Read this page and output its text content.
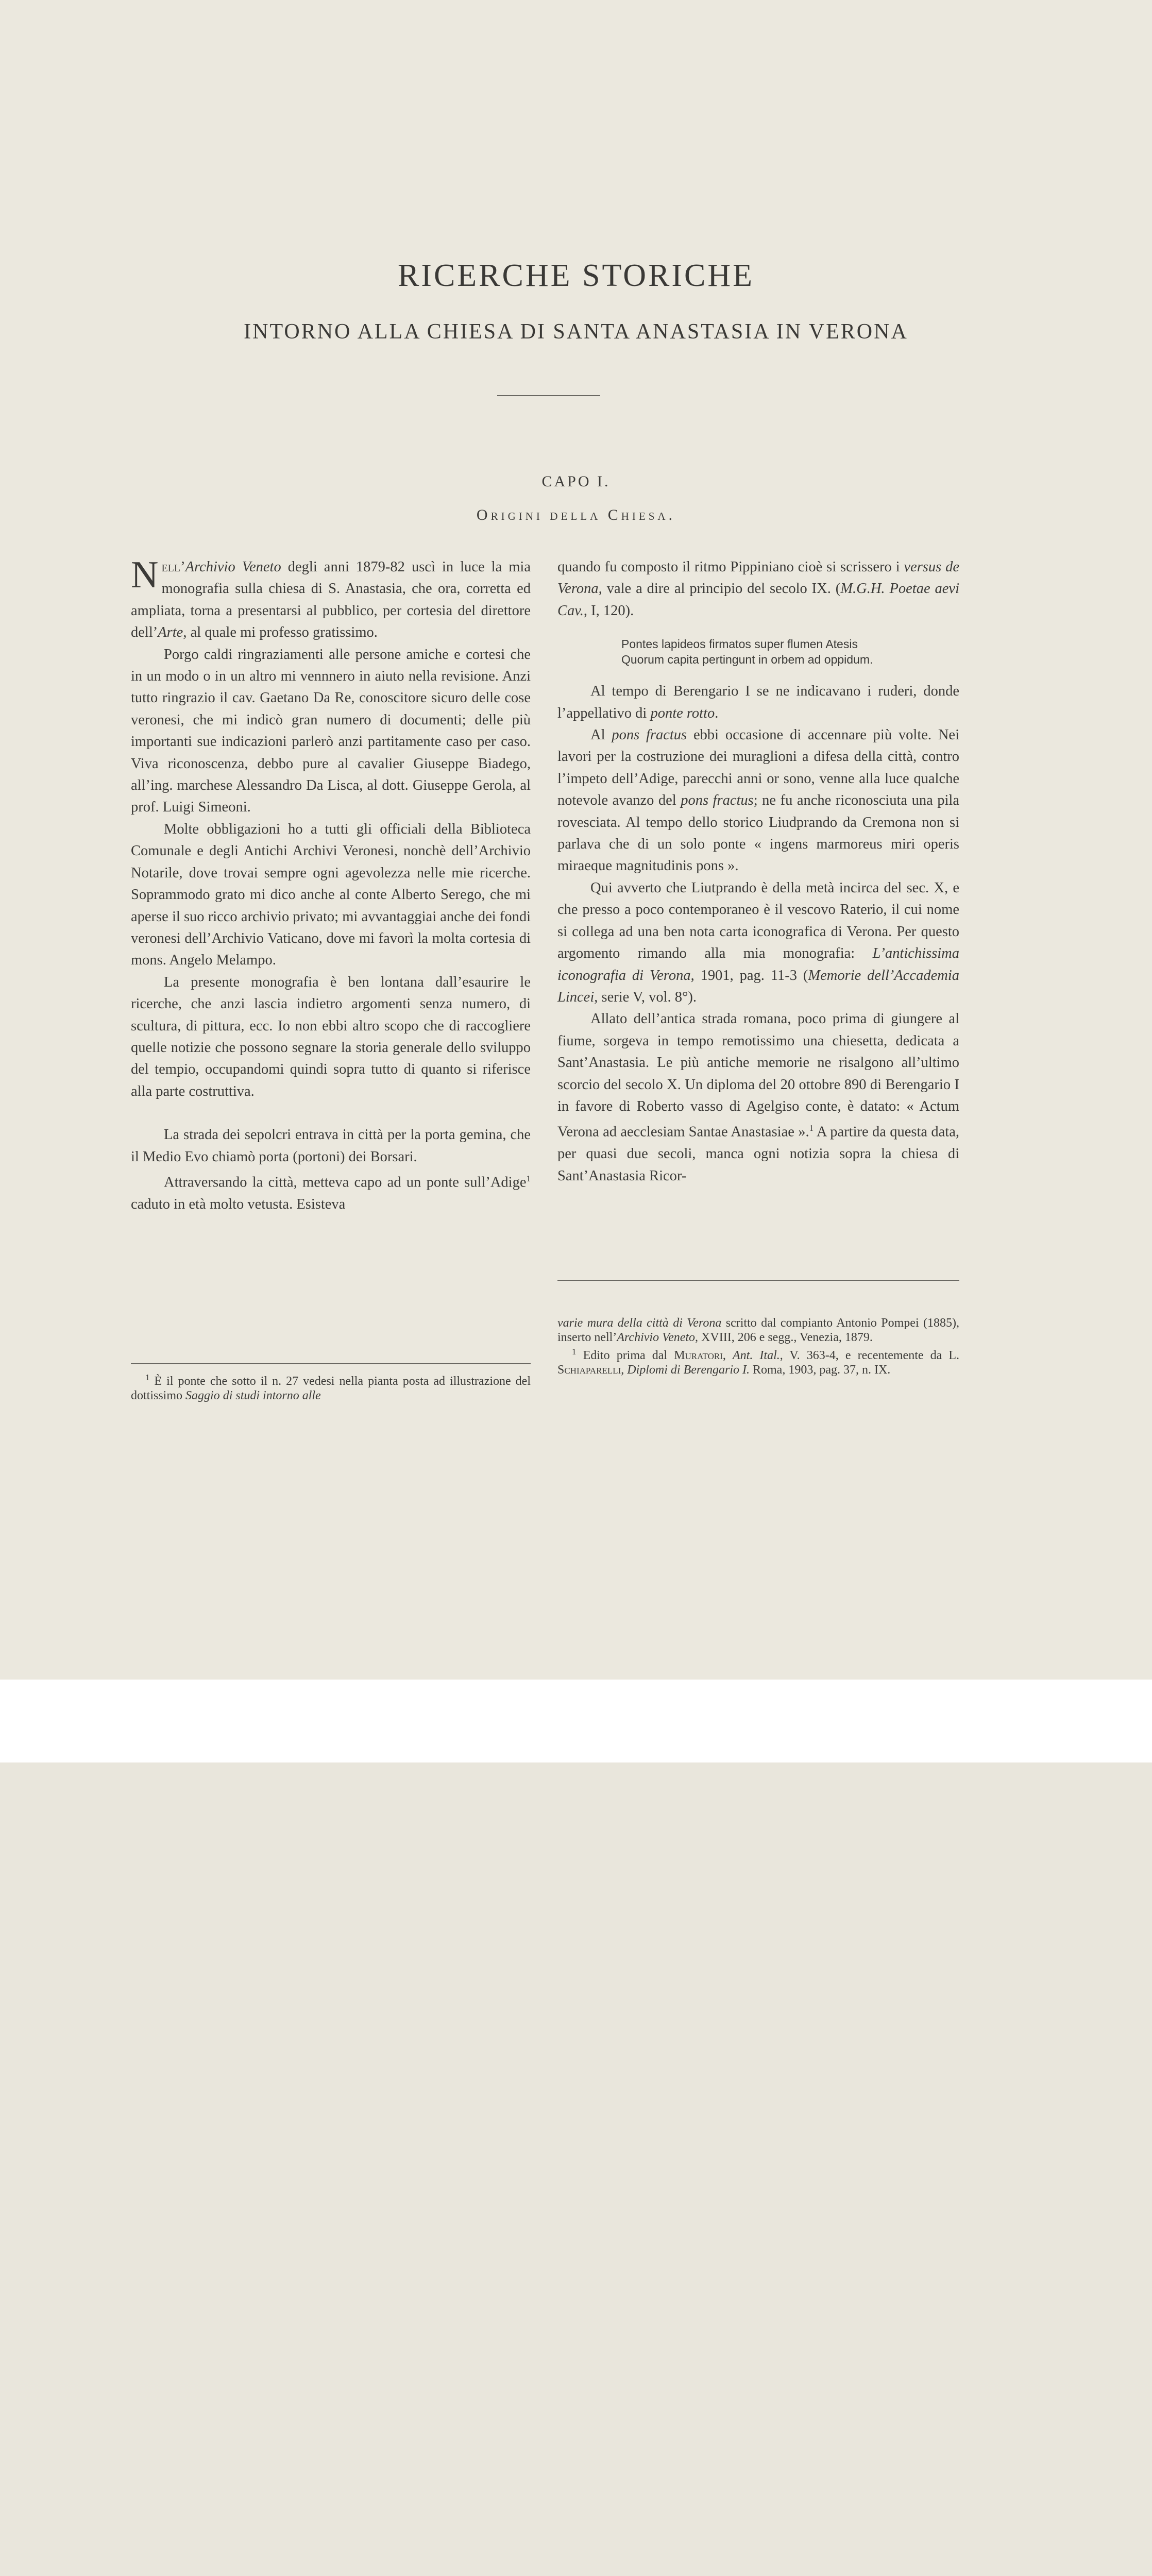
RICERCHE STORICHE
INTORNO ALLA CHIESA DI SANTA ANASTASIA IN VERONA
CAPO I.
Origini della Chiesa.

Nell’Archivio Veneto degli anni 1879-82 uscì in luce la mia monografia sulla chiesa di S. Anastasia, che ora, corretta ed ampliata, torna a presentarsi al pubblico, per cortesia del direttore dell’Arte, al quale mi professo gratissimo.

Porgo caldi ringraziamenti alle persone amiche e cortesi che in un modo o in un altro mi vennnero in aiuto nella revisione. Anzi tutto ringrazio il cav. Gaetano Da Re, conoscitore sicuro delle cose veronesi, che mi indicò gran numero di documenti; delle più importanti sue indicazioni parlerò anzi partitamente caso per caso. Viva riconoscenza, debbo pure al cavalier Giuseppe Biadego, all’ing. marchese Alessandro Da Lisca, al dott. Giuseppe Gerola, al prof. Luigi Simeoni.

Molte obbligazioni ho a tutti gli officiali della Biblioteca Comunale e degli Antichi Archivi Veronesi, nonchè dell’Archivio Notarile, dove trovai sempre ogni agevolezza nelle mie ricerche. Soprammodo grato mi dico anche al conte Alberto Serego, che mi aperse il suo ricco archivio privato; mi avvantaggiai anche dei fondi veronesi dell’Archivio Vaticano, dove mi favorì la molta cortesia di mons. Angelo Melampo.

La presente monografia è ben lontana dall’esaurire le ricerche, che anzi lascia indietro argomenti senza numero, di scultura, di pittura, ecc. Io non ebbi altro scopo che di raccogliere quelle notizie che possono segnare la storia generale dello sviluppo del tempio, occupandomi quindi sopra tutto di quanto si riferisce alla parte costruttiva.

La strada dei sepolcri entrava in città per la porta gemina, che il Medio Evo chiamò porta (portoni) dei Borsari.

Attraversando la città, metteva capo ad un ponte sull’Adige$^1$ caduto in età molto vetusta. Esisteva

quando fu composto il ritmo Pippiniano cioè si scrissero i versus de Verona, vale a dire al principio del secolo IX. (M.G.H. Poetae aevi Cav., I, 120).

Pontes lapideos firmatos super flumen Atesis
Quorum capita pertingunt in orbem ad oppidum.

Al tempo di Berengario I se ne indicavano i ruderi, donde l’appellativo di ponte rotto.

Al pons fractus ebbi occasione di accennare più volte. Nei lavori per la costruzione dei muraglioni a difesa della città, contro l’impeto dell’Adige, parecchi anni or sono, venne alla luce qualche notevole avanzo del pons fractus; ne fu anche riconosciuta una pila rovesciata. Al tempo dello storico Liudprando da Cremona non si parlava che di un solo ponte « ingens marmoreus miri operis miraeque magnitudinis pons ».

Qui avverto che Liutprando è della metà incirca del sec. X, e che presso a poco contemporaneo è il vescovo Raterio, il cui nome si collega ad una ben nota carta iconografica di Verona. Per questo argomento rimando alla mia monografia: L’antichissima iconografia di Verona, 1901, pag. 11-3 (Memorie dell’Accademia Lincei, serie V, vol. 8°).

Allato dell’antica strada romana, poco prima di giungere al fiume, sorgeva in tempo remotissimo una chiesetta, dedicata a Sant’Anastasia. Le più antiche memorie ne risalgono all’ultimo scorcio del secolo X. Un diploma del 20 ottobre 890 di Berengario I in favore di Roberto vasso di Agelgiso conte, è datato: « Actum Verona ad aecclesiam Santae Anastasiae ».$^1$ A partire da questa data, per quasi due secoli, manca ogni notizia sopra la chiesa di Sant’Anastasia Ricor-

$^1$ È il ponte che sotto il n. 27 vedesi nella pianta posta ad illustrazione del dottissimo Saggio di studi intorno alle

varie mura della città di Verona scritto dal compianto Antonio Pompei (1885), inserto nell’Archivio Veneto, XVIII, 206 e segg., Venezia, 1879.

$^1$ Edito prima dal Muratori, Ant. Ital., V. 363-4, e recentemente da L. Schiaparelli, Diplomi di Berengario I. Roma, 1903, pag. 37, n. IX.
